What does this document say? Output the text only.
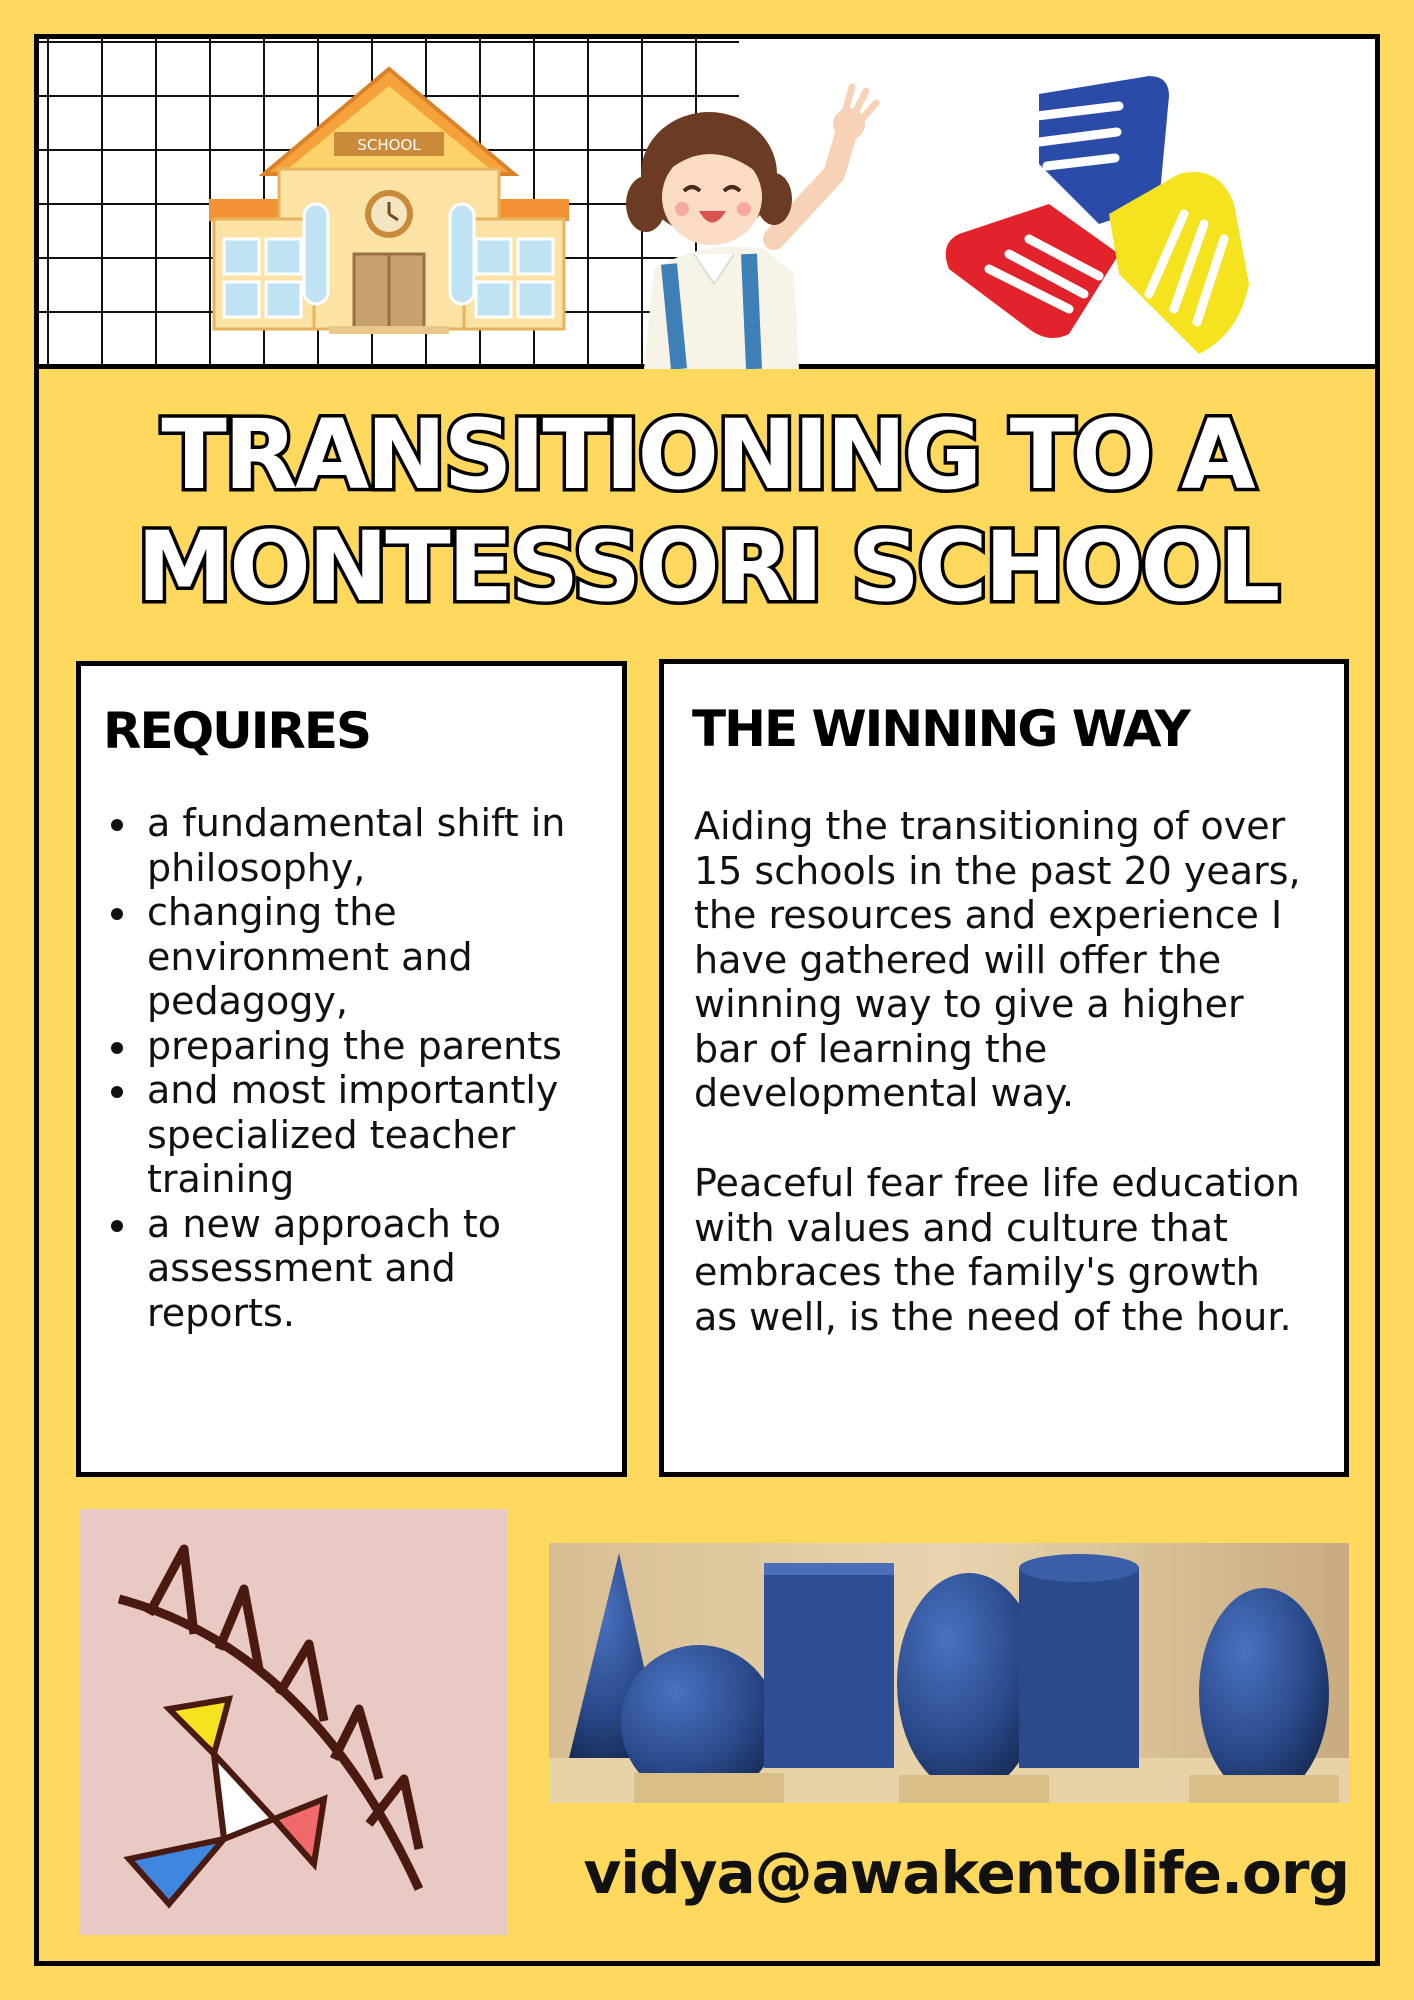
SCHOOL
TRANSITIONING TO A
MONTESSORI SCHOOL
REQUIRES
• a fundamental shift in philosophy,
• changing the environment and pedagogy,
• preparing the parents
• and most importantly specialized teacher training
• a new approach to assessment and reports.
THE WINNING WAY

Aiding the transitioning of over 15 schools in the past 20 years, the resources and experience I have gathered will offer the winning way to give a higher bar of learning the developmental way.

Peaceful fear free life education with values and culture that embraces the family's growth as well, is the need of the hour.

vidya@awakentolife.org
